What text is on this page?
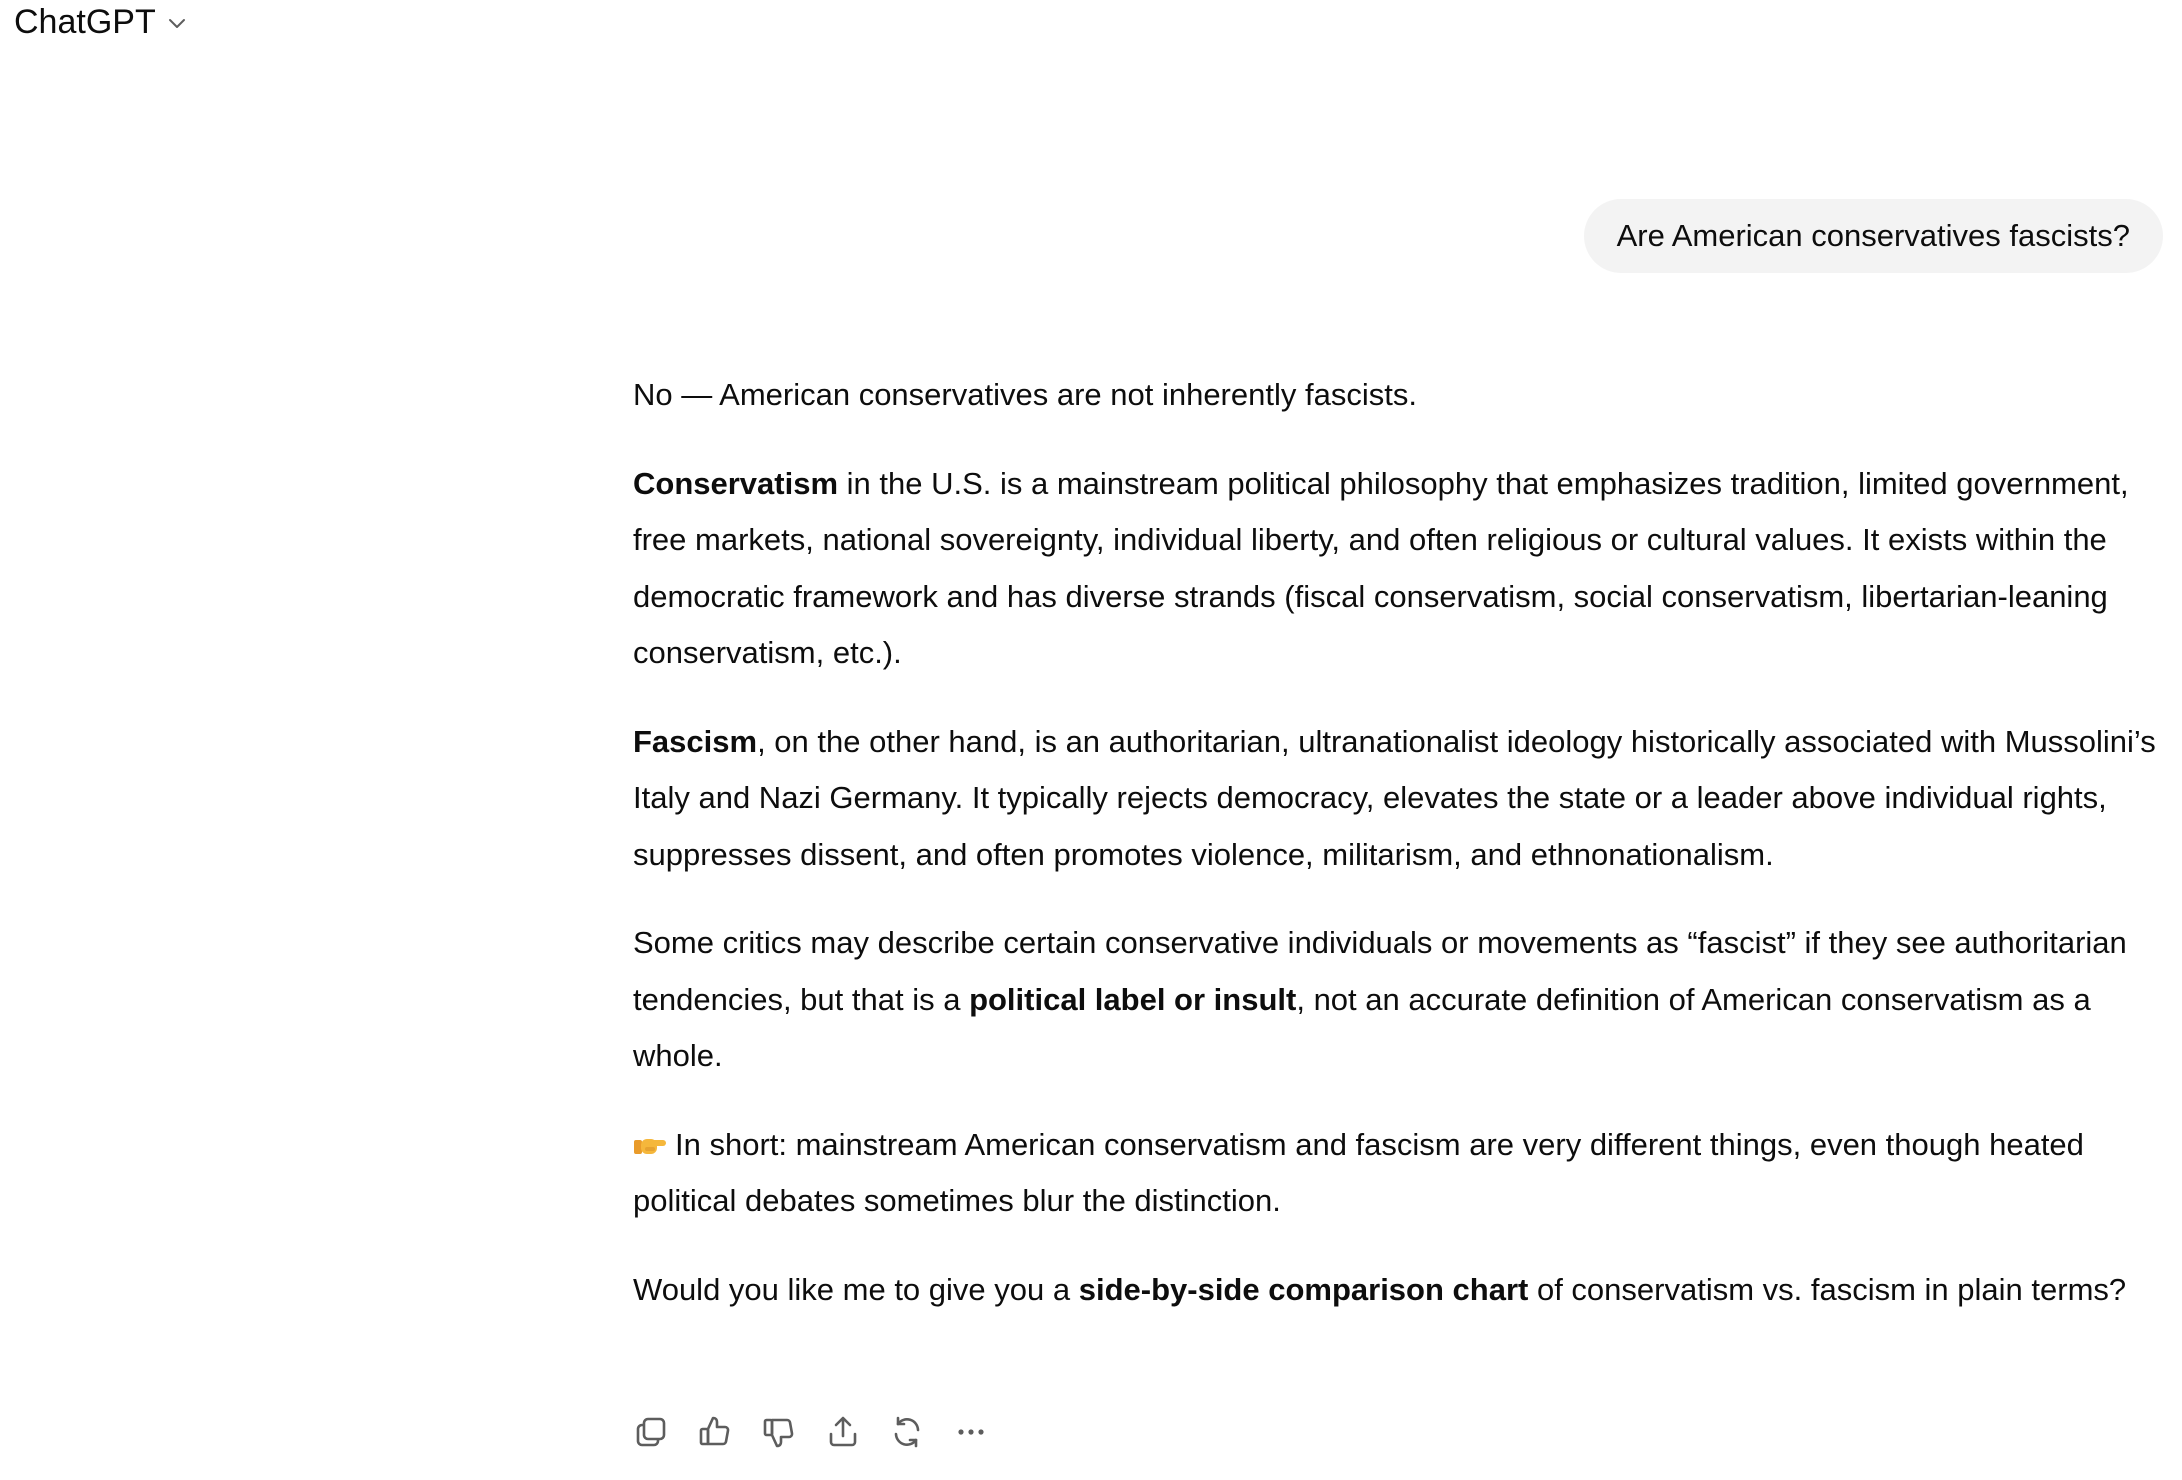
ChatGPT
Are American conservatives fascists?

No — American conservatives are not inherently fascists.

Conservatism in the U.S. is a mainstream political philosophy that emphasizes tradition, limited government, free markets, national sovereignty, individual liberty, and often religious or cultural values. It exists within the democratic framework and has diverse strands (fiscal conservatism, social conservatism, libertarian-leaning conservatism, etc.).

Fascism, on the other hand, is an authoritarian, ultranationalist ideology historically associated with Mussolini’s Italy and Nazi Germany. It typically rejects democracy, elevates the state or a leader above individual rights, suppresses dissent, and often promotes violence, militarism, and ethnonationalism.

Some critics may describe certain conservative individuals or movements as “fascist” if they see authoritarian tendencies, but that is a political label or insult, not an accurate definition of American conservatism as a whole.

In short: mainstream American conservatism and fascism are very different things, even though heated political debates sometimes blur the distinction.

Would you like me to give you a side-by-side comparison chart of conservatism vs. fascism in plain terms?
